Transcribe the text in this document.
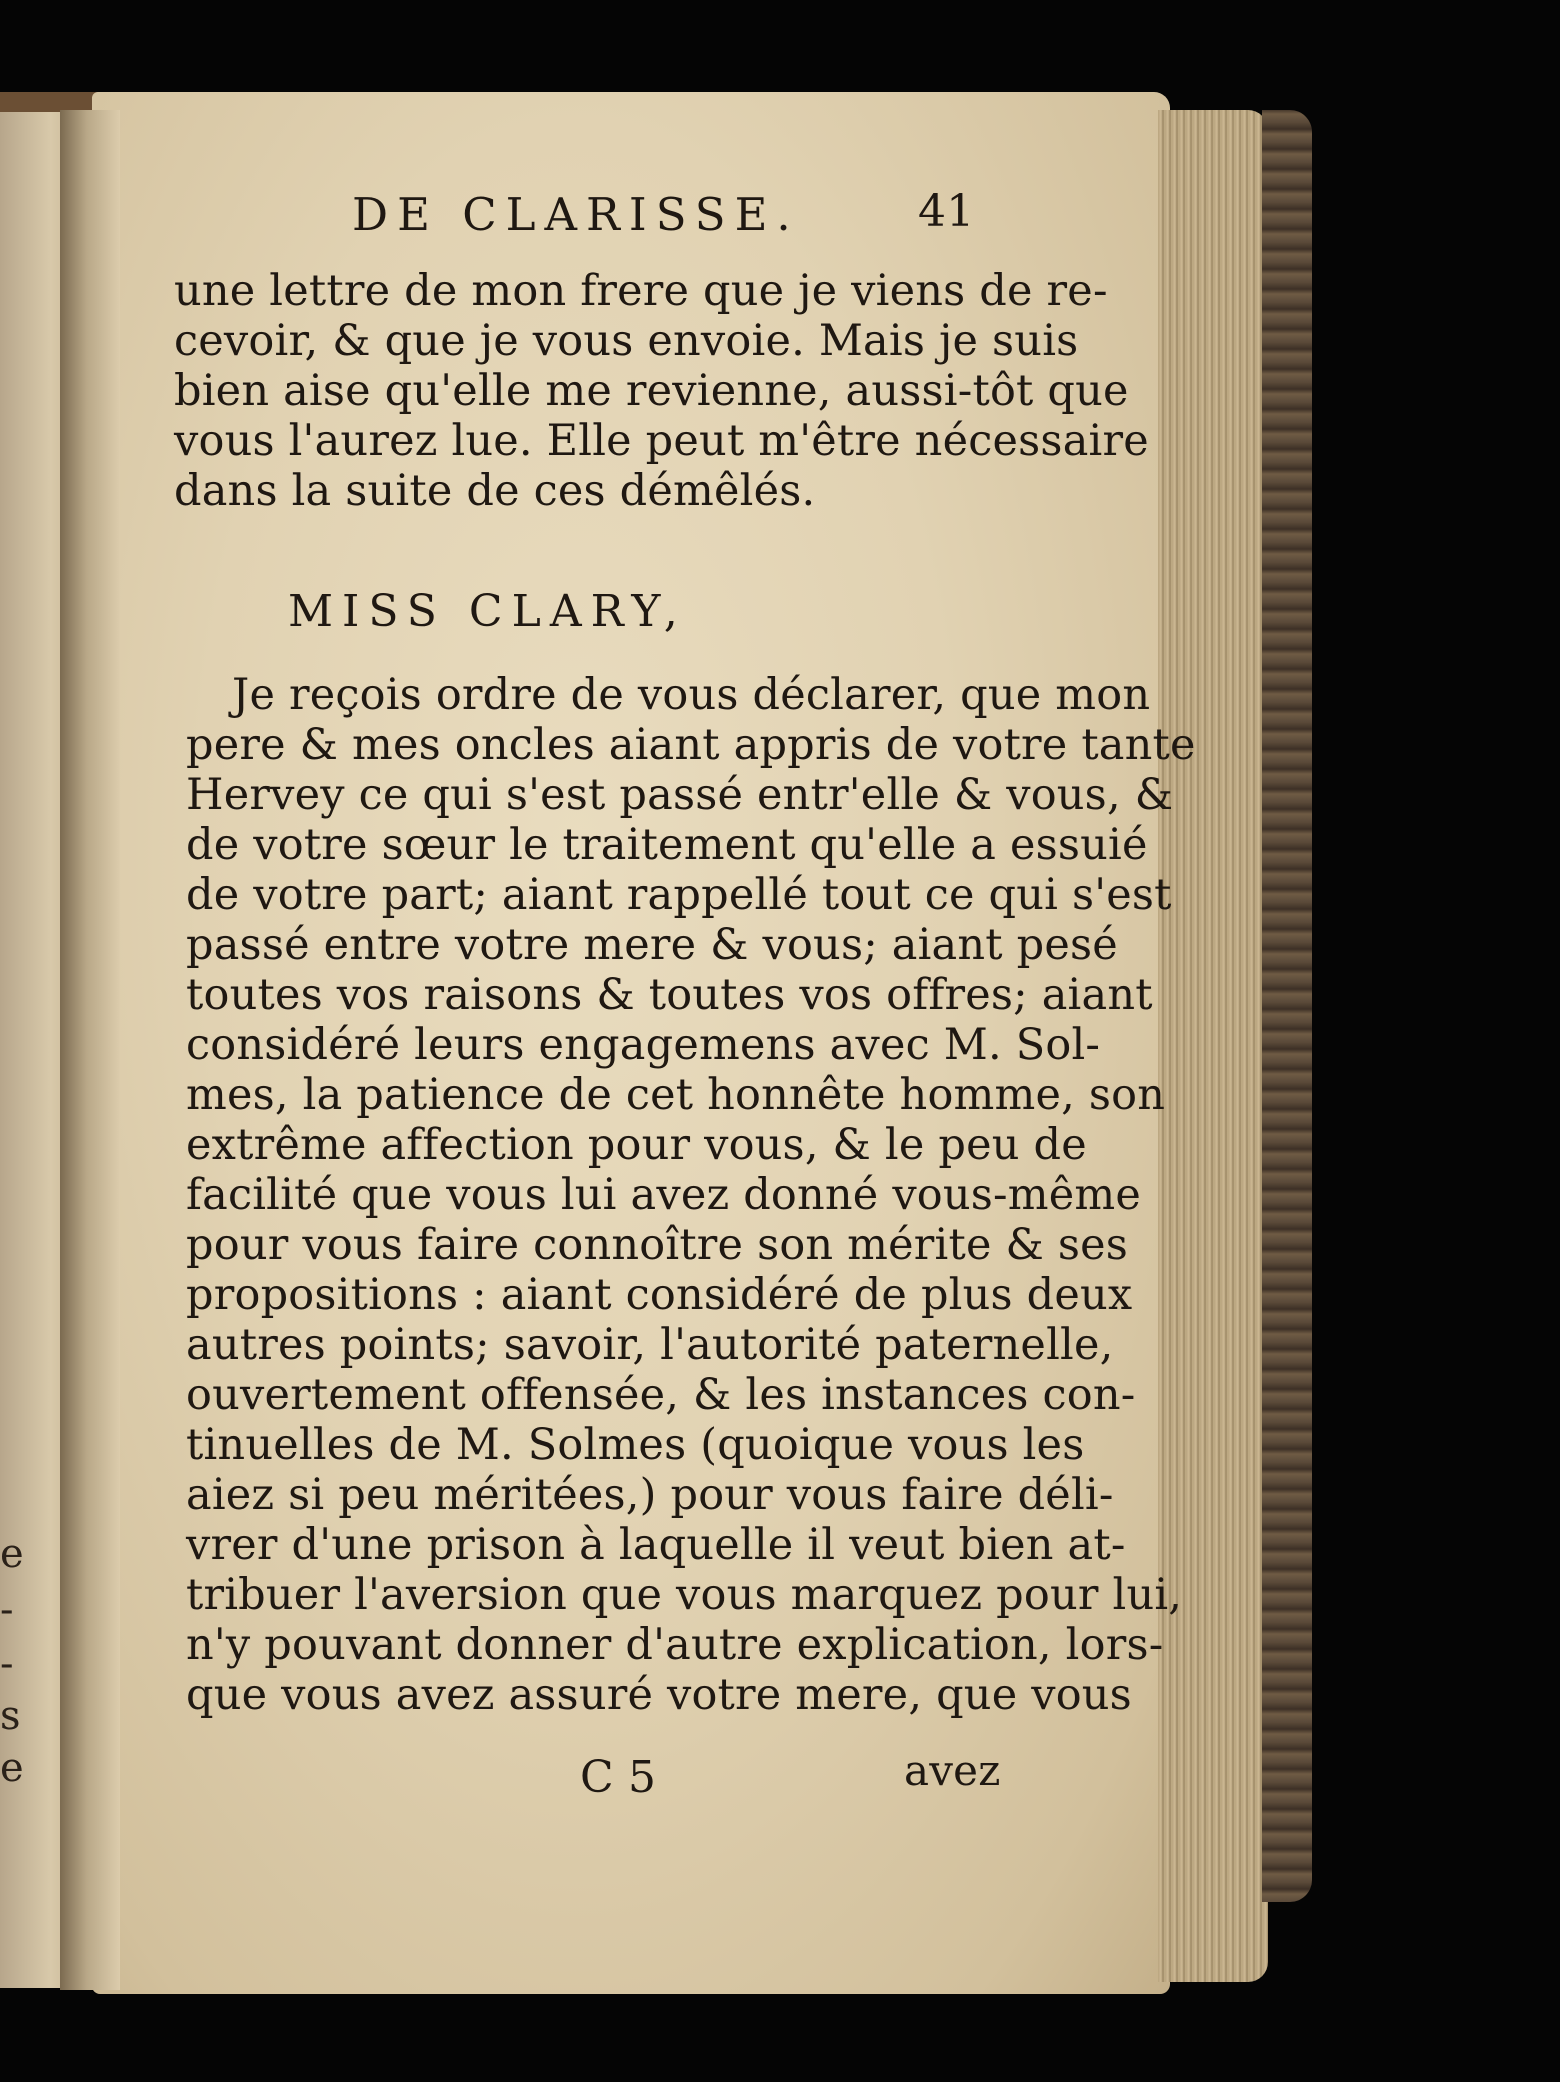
e
-
-
s
e
DE CLARISSE.	41
une lettre de mon frere que je viens de re-
cevoir, & que je vous envoie. Mais je suis
bien aise qu'elle me revienne, aussi-tôt que
vous l'aurez lue. Elle peut m'être nécessaire
dans la suite de ces démêlés.
MISS CLARY,
Je reçois ordre de vous déclarer, que mon
pere & mes oncles aiant appris de votre tante
Hervey ce qui s'est passé entr'elle & vous, &
de votre sœur le traitement qu'elle a essuié
de votre part; aiant rappellé tout ce qui s'est
passé entre votre mere & vous; aiant pesé
toutes vos raisons & toutes vos offres; aiant
considéré leurs engagemens avec M. Sol-
mes, la patience de cet honnête homme, son
extrême affection pour vous, & le peu de
facilité que vous lui avez donné vous-même
pour vous faire connoître son mérite & ses
propositions : aiant considéré de plus deux
autres points; savoir, l'autorité paternelle,
ouvertement offensée, & les instances con-
tinuelles de M. Solmes (quoique vous les
aiez si peu méritées,) pour vous faire déli-
vrer d'une prison à laquelle il veut bien at-
tribuer l'aversion que vous marquez pour lui,
n'y pouvant donner d'autre explication, lors-
que vous avez assuré votre mere, que vous
C 5	avez
